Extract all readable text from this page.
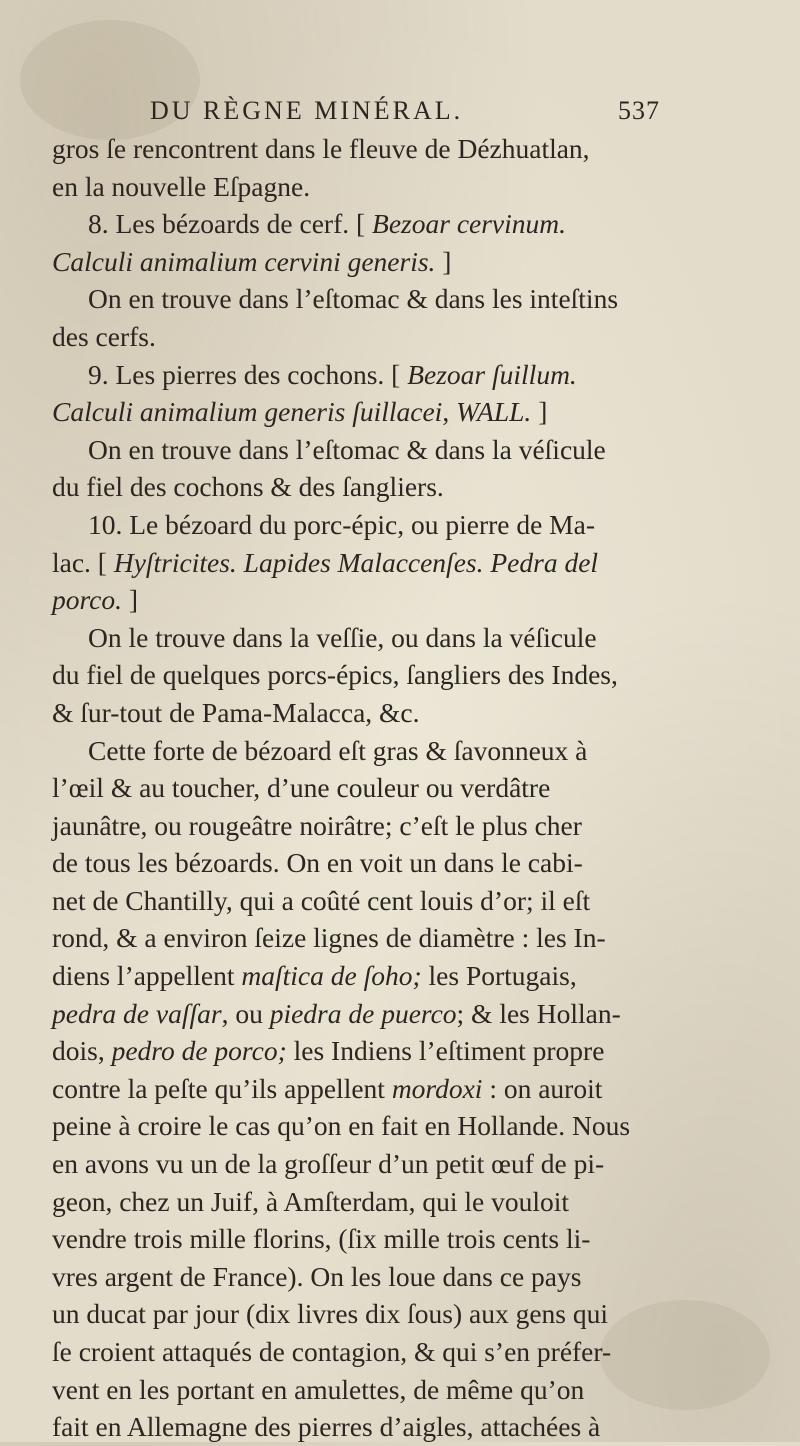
DU RÈGNE MINÉRAL.	537
gros ſe rencontrent dans le fleuve de Dézhuatlan,
en la nouvelle Eſpagne.
8. Les bézoards de cerf. [ Bezoar cervinum.
Calculi animalium cervini generis. ]
On en trouve dans l’eſtomac & dans les inteſtins
des cerfs.
9. Les pierres des cochons. [ Bezoar ſuillum.
Calculi animalium generis ſuillacei, WALL. ]
On en trouve dans l’eſtomac & dans la véſicule
du fiel des cochons & des ſangliers.
10. Le bézoard du porc-épic, ou pierre de Ma-
lac. [ Hyſtricites. Lapides Malaccenſes. Pedra del
porco. ]
On le trouve dans la veſſie, ou dans la véſicule
du fiel de quelques porcs-épics, ſangliers des Indes,
& ſur-tout de Pama-Malacca, &c.
Cette forte de bézoard eſt gras & ſavonneux à
l’œil & au toucher, d’une couleur ou verdâtre
jaunâtre, ou rougeâtre noirâtre; c’eſt le plus cher
de tous les bézoards. On en voit un dans le cabi-
net de Chantilly, qui a coûté cent louis d’or; il eſt
rond, & a environ ſeize lignes de diamètre : les In-
diens l’appellent maſtica de ſoho; les Portugais,
pedra de vaſſar, ou piedra de puerco; & les Hollan-
dois, pedro de porco; les Indiens l’eſtiment propre
contre la peſte qu’ils appellent mordoxi : on auroit
peine à croire le cas qu’on en fait en Hollande. Nous
en avons vu un de la groſſeur d’un petit œuf de pi-
geon, chez un Juif, à Amſterdam, qui le vouloit
vendre trois mille florins, (ſix mille trois cents li-
vres argent de France). On les loue dans ce pays
un ducat par jour (dix livres dix ſous) aux gens qui
ſe croient attaqués de contagion, & qui s’en préfer-
vent en les portant en amulettes, de même qu’on
fait en Allemagne des pierres d’aigles, attachées à
